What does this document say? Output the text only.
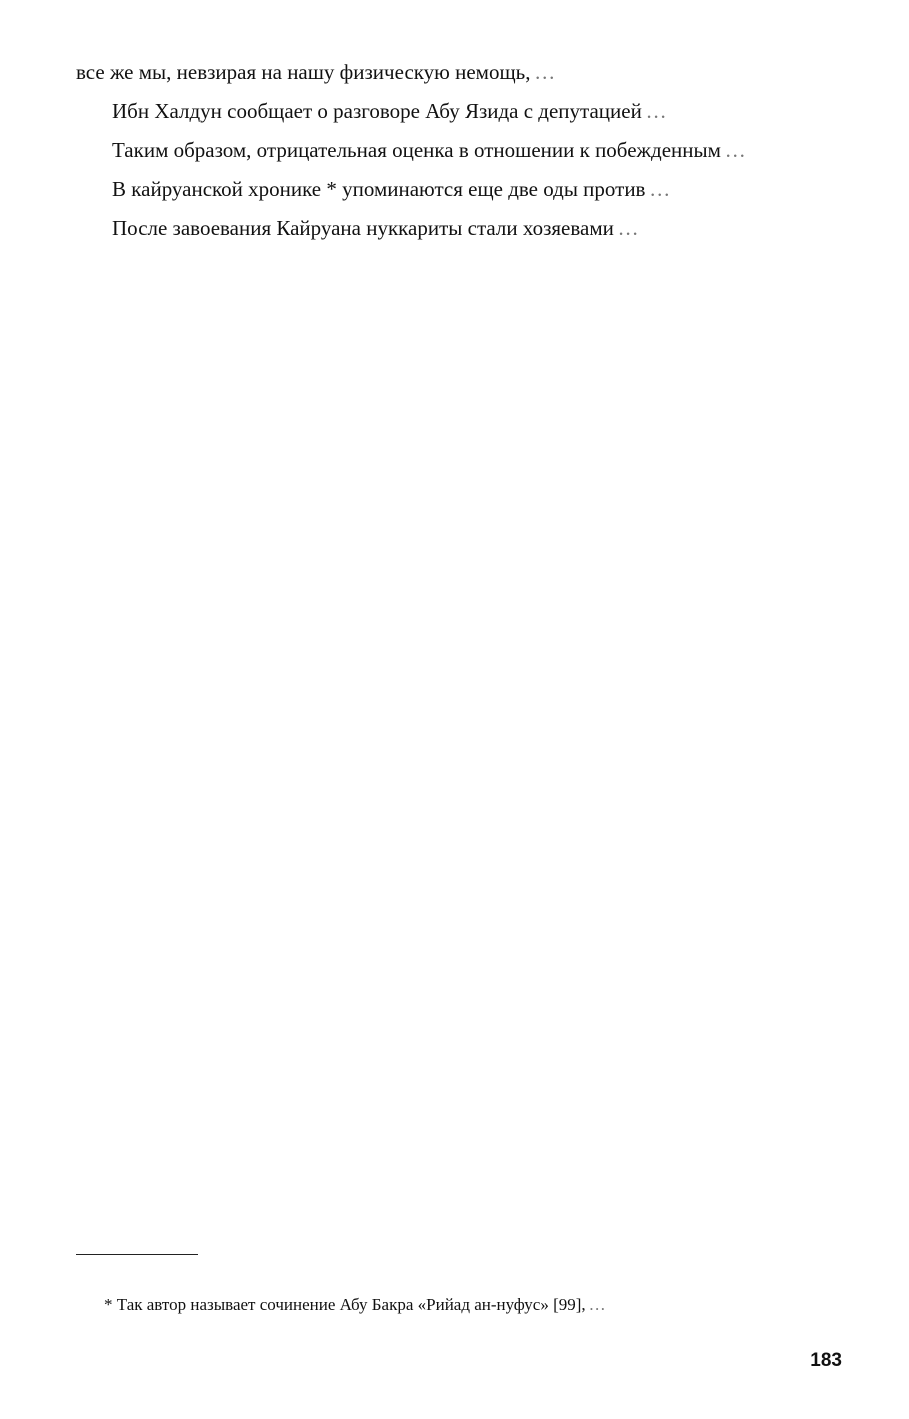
все же мы, невзирая на нашу физическую немощь, …

Ибн Халдун сообщает о разговоре Абу Язида с депутацией …

Таким образом, отрицательная оценка в отношении к побежденным …

В кайруанской хронике * упоминаются еще две оды против …

После завоевания Кайруана нуккариты стали хозяевами …

* Так автор называет сочинение Абу Бакра «Рийад ан-нуфус» [99], …

183
